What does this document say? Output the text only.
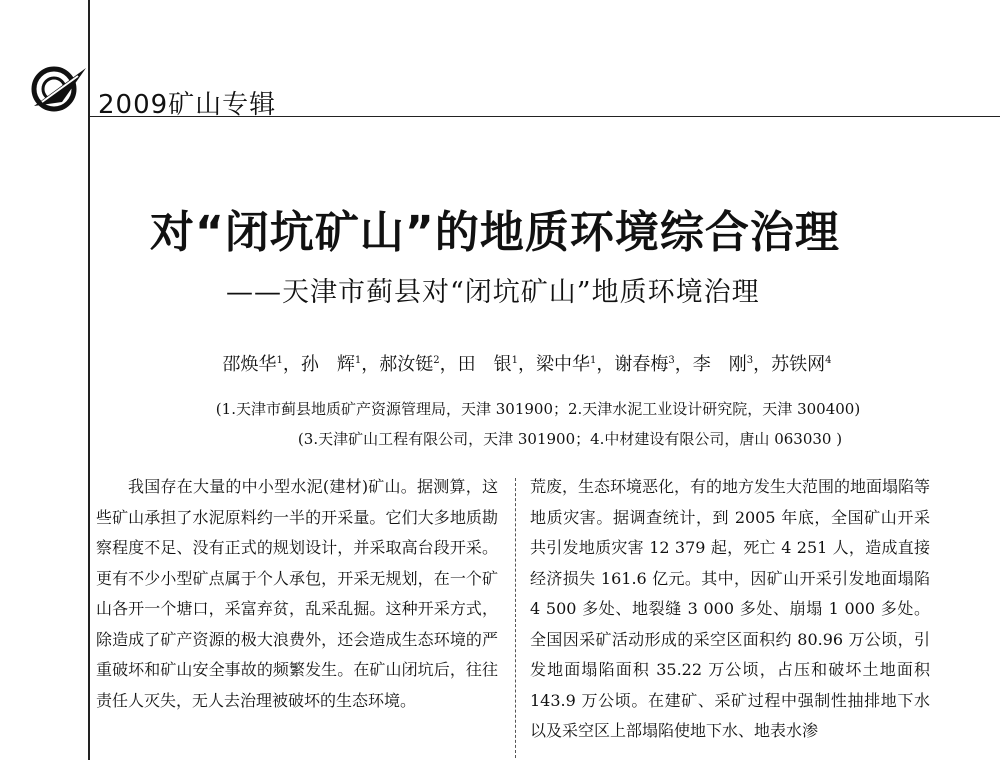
2009矿山专辑
对“闭坑矿山”的地质环境综合治理
——天津市蓟县对“闭坑矿山”地质环境治理
邵焕华$^1$，孙　辉$^1$，郝汝铤$^2$，田　银$^1$，梁中华$^1$，谢春梅$^3$，李　刚$^3$，苏铁网$^4$
(1.天津市蓟县地质矿产资源管理局，天津 301900；2.天津水泥工业设计研究院，天津 300400)
(3.天津矿山工程有限公司，天津 301900；4.中材建设有限公司，唐山 063030 )

我国存在大量的中小型水泥(建材)矿山。据测算，这些矿山承担了水泥原料约一半的开采量。它们大多地质勘察程度不足、没有正式的规划设计，并采取高台段开采。更有不少小型矿点属于个人承包，开采无规划，在一个矿山各开一个塘口，采富弃贫，乱采乱掘。这种开采方式，除造成了矿产资源的极大浪费外，还会造成生态环境的严重破坏和矿山安全事故的频繁发生。在矿山闭坑后，往往责任人灭失，无人去治理被破坏的生态环境。

荒废，生态环境恶化，有的地方发生大范围的地面塌陷等地质灾害。据调查统计，到 2005 年底，全国矿山开采共引发地质灾害 12 379 起，死亡 4 251 人，造成直接经济损失 161.6 亿元。其中，因矿山开采引发地面塌陷 4 500 多处、地裂缝 3 000 多处、崩塌 1 000 多处。全国因采矿活动形成的采空区面积约 80.96 万公顷，引发地面塌陷面积 35.22 万公顷，占压和破坏土地面积 143.9 万公顷。在建矿、采矿过程中强制性抽排地下水以及采空区上部塌陷使地下水、地表水渗
